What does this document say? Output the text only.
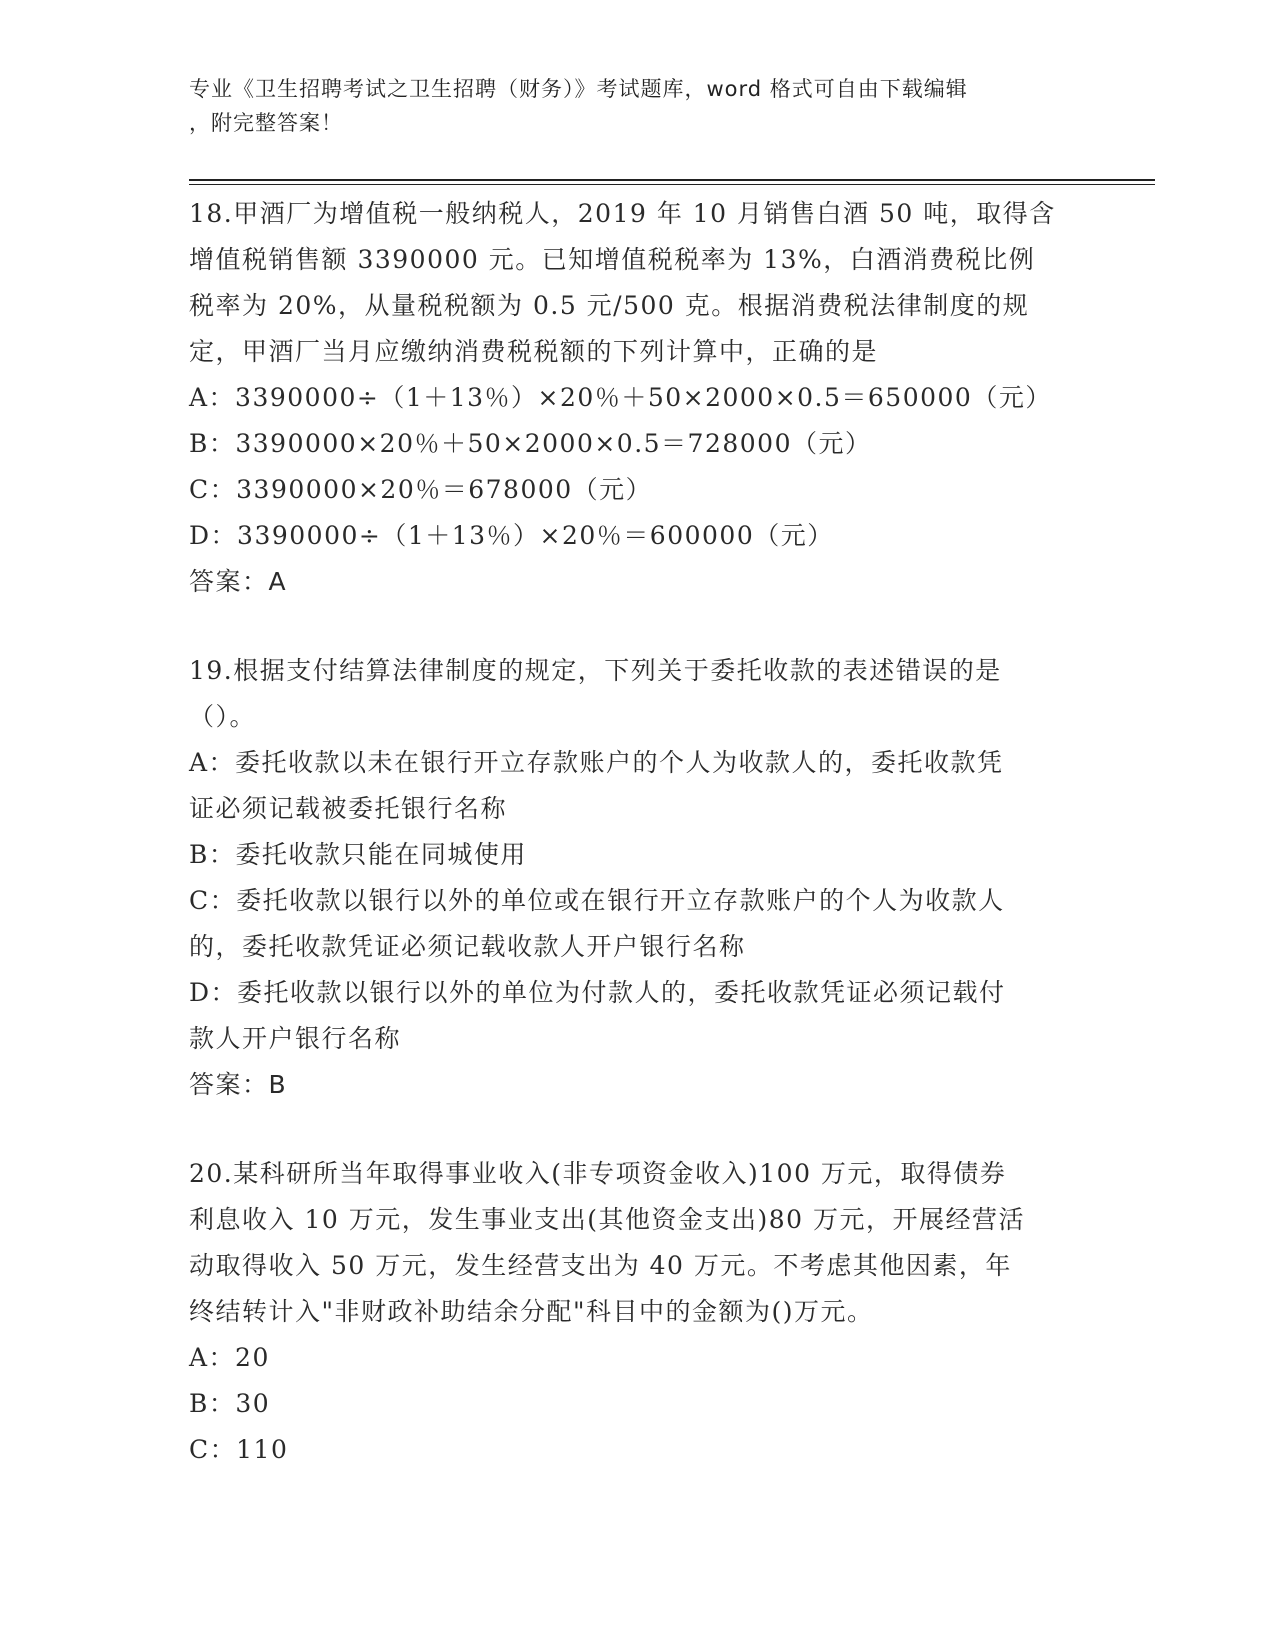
专业《卫生招聘考试之卫生招聘（财务）》考试题库，word 格式可自由下载编辑
，附完整答案！
18.甲酒厂为增值税一般纳税人，2019 年 10 月销售白酒 50 吨，取得含
增值税销售额 3390000 元。已知增值税税率为 13%，白酒消费税比例
税率为 20%，从量税税额为 0.5 元/500 克。根据消费税法律制度的规
定，甲酒厂当月应缴纳消费税税额的下列计算中，正确的是
A：3390000÷（1＋13％）×20％＋50×2000×0.5＝650000（元）
B：3390000×20％＋50×2000×0.5＝728000（元）
C：3390000×20％＝678000（元）
D：3390000÷（1＋13％）×20％＝600000（元）
答案：A
19.根据支付结算法律制度的规定，下列关于委托收款的表述错误的是
（）。
A：委托收款以未在银行开立存款账户的个人为收款人的，委托收款凭
证必须记载被委托银行名称
B：委托收款只能在同城使用
C：委托收款以银行以外的单位或在银行开立存款账户的个人为收款人
的，委托收款凭证必须记载收款人开户银行名称
D：委托收款以银行以外的单位为付款人的，委托收款凭证必须记载付
款人开户银行名称
答案：B
20.某科研所当年取得事业收入(非专项资金收入)100 万元，取得债券
利息收入 10 万元，发生事业支出(其他资金支出)80 万元，开展经营活
动取得收入 50 万元，发生经营支出为 40 万元。不考虑其他因素，年
终结转计入"非财政补助结余分配"科目中的金额为()万元。
A：20
B：30
C：110
